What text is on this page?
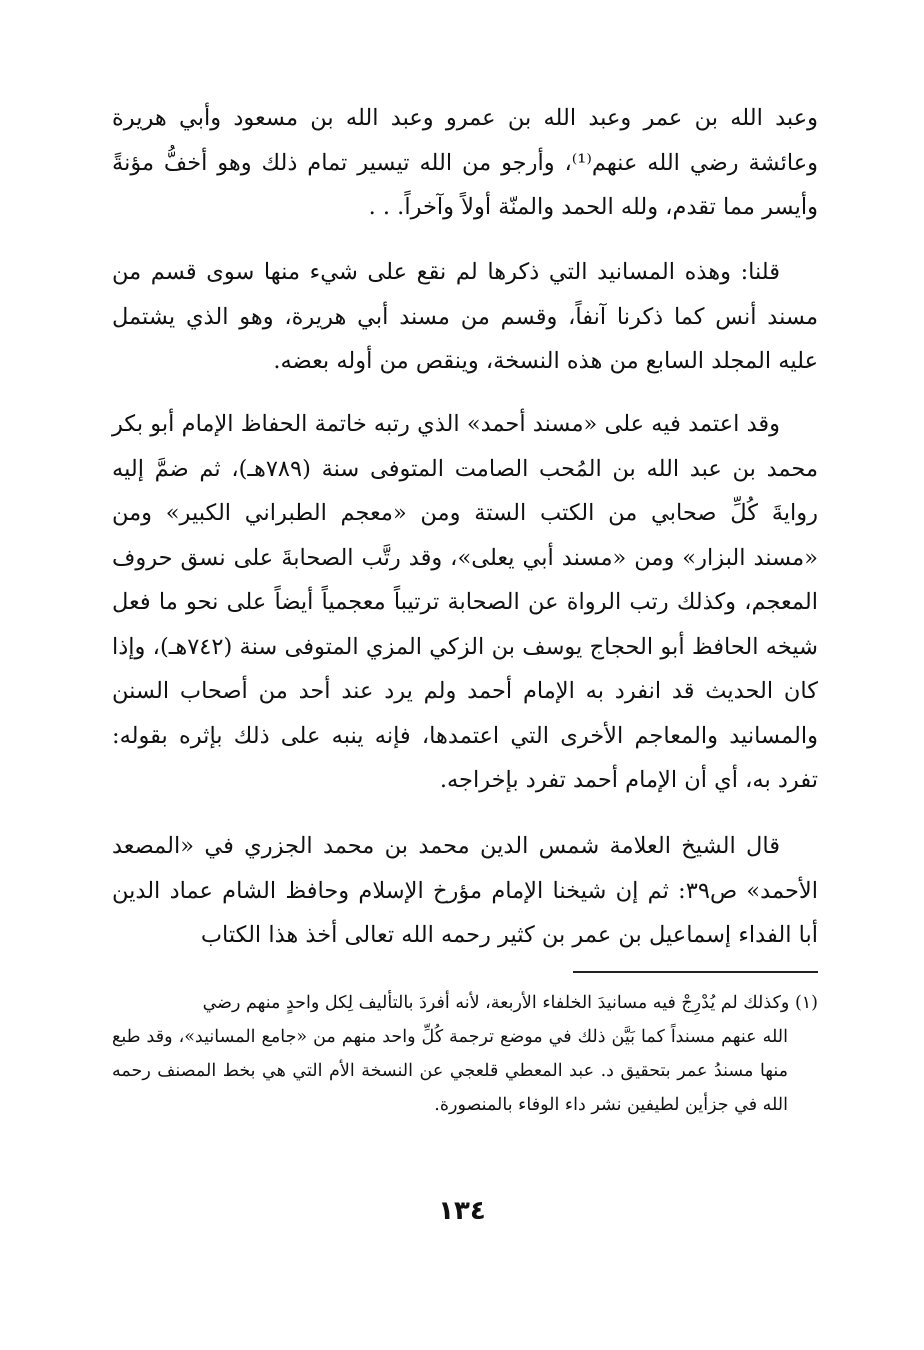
وعبد الله بن عمر وعبد الله بن عمرو وعبد الله بن مسعود وأبي هريرة وعائشة رضي الله عنهم⁽¹⁾، وأرجو من الله تيسير تمام ذلك وهو أخفُّ مؤنةً وأيسر مما تقدم، ولله الحمد والمنّة أولاً وآخراً. . .

قلنا: وهذه المسانيد التي ذكرها لم نقع على شيء منها سوى قسم من مسند أنس كما ذكرنا آنفاً، وقسم من مسند أبي هريرة، وهو الذي يشتمل عليه المجلد السابع من هذه النسخة، وينقص من أوله بعضه.

وقد اعتمد فيه على «مسند أحمد» الذي رتبه خاتمة الحفاظ الإمام أبو بكر محمد بن عبد الله بن المُحب الصامت المتوفى سنة (٧٨٩هـ)، ثم ضمَّ إليه روايةَ كُلِّ صحابي من الكتب الستة ومن «معجم الطبراني الكبير» ومن «مسند البزار» ومن «مسند أبي يعلى»، وقد رتَّب الصحابةَ على نسق حروف المعجم، وكذلك رتب الرواة عن الصحابة ترتيباً معجمياً أيضاً على نحو ما فعل شيخه الحافظ أبو الحجاج يوسف بن الزكي المزي المتوفى سنة (٧٤٢هـ)، وإذا كان الحديث قد انفرد به الإمام أحمد ولم يرد عند أحد من أصحاب السنن والمسانيد والمعاجم الأخرى التي اعتمدها، فإنه ينبه على ذلك بإثره بقوله: تفرد به، أي أن الإمام أحمد تفرد بإخراجه.

قال الشيخ العلامة شمس الدين محمد بن محمد الجزري في «المصعد الأحمد» ص٣٩: ثم إن شيخنا الإمام مؤرخ الإسلام وحافظ الشام عماد الدين أبا الفداء إسماعيل بن عمر بن كثير رحمه الله تعالى أخذ هذا الكتاب

(١) وكذلك لم يُدْرِجْ فيه مسانيدَ الخلفاء الأربعة، لأنه أفردَ بالتأليف لِكل واحدٍ منهم رضي
الله عنهم مسنداً كما بَيَّن ذلك في موضع ترجمة كُلِّ واحد منهم من «جامع المسانيد»، وقد طبع منها مسندُ عمر بتحقيق د. عبد المعطي قلعجي عن النسخة الأم التي هي بخط المصنف رحمه الله في جزأين لطيفين نشر داء الوفاء بالمنصورة.

١٣٤
